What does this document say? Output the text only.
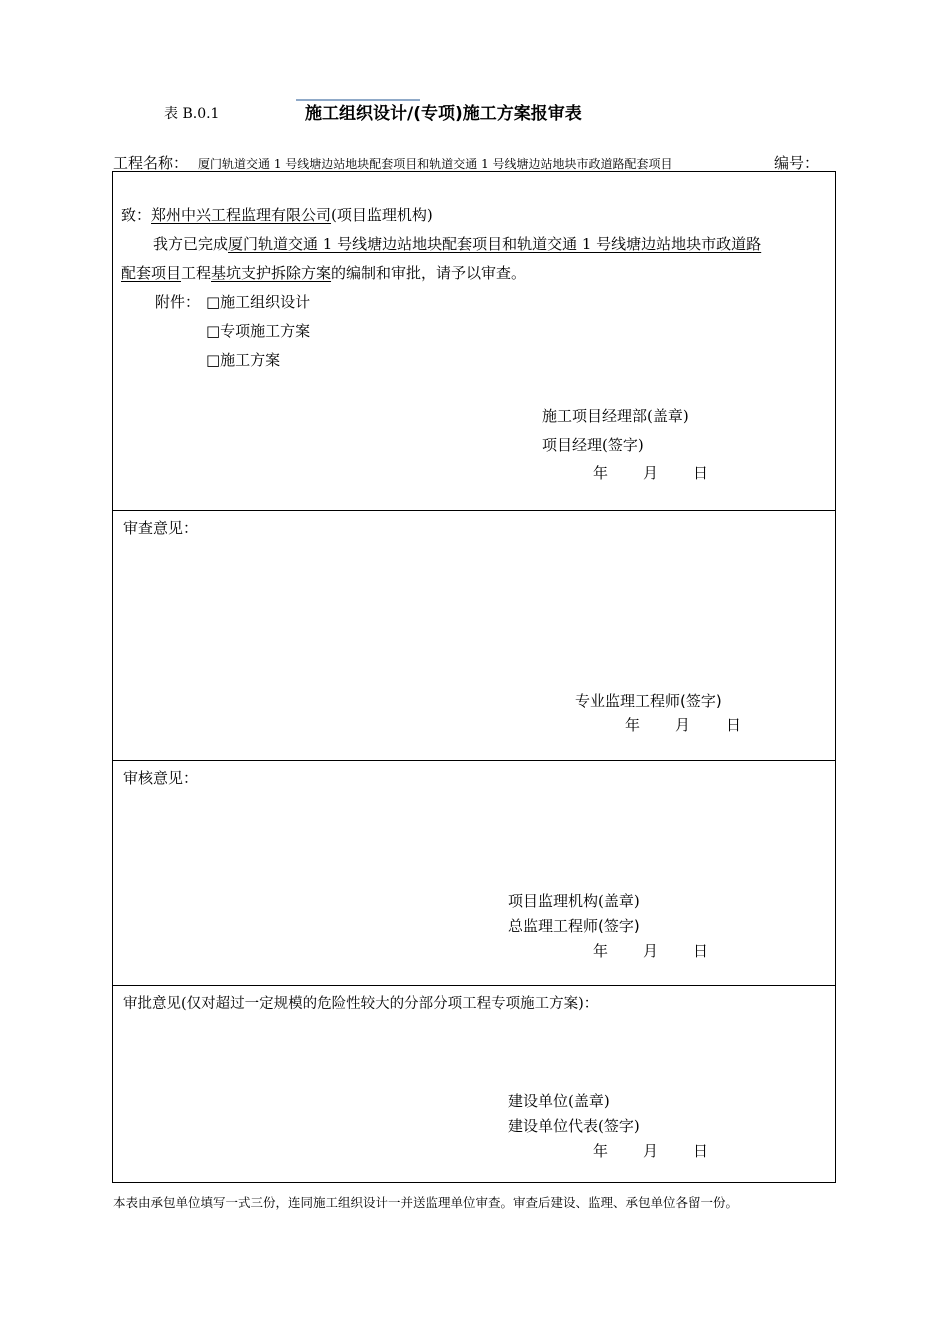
表 B.0.1	施工组织设计/(专项)施工方案报审表
工程名称： 厦门轨道交通 1 号线塘边站地块配套项目和轨道交通 1 号线塘边站地块市政道路配套项目	编号：
致：郑州中兴工程监理有限公司(项目监理机构)
我方已完成厦门轨道交通 1 号线塘边站地块配套项目和轨道交通 1 号线塘边站地块市政道路
配套项目工程基坑支护拆除方案的编制和审批，请予以审查。
附件： □施工组织设计
□专项施工方案
□施工方案
施工项目经理部(盖章)
项目经理(签字)
年 月 日
审查意见：
专业监理工程师(签字)
年 月 日
审核意见：
项目监理机构(盖章)
总监理工程师(签字)
年 月 日
审批意见(仅对超过一定规模的危险性较大的分部分项工程专项施工方案)：
建设单位(盖章)
建设单位代表(签字)
年 月 日
本表由承包单位填写一式三份，连同施工组织设计一并送监理单位审查。审查后建设、监理、承包单位各留一份。
